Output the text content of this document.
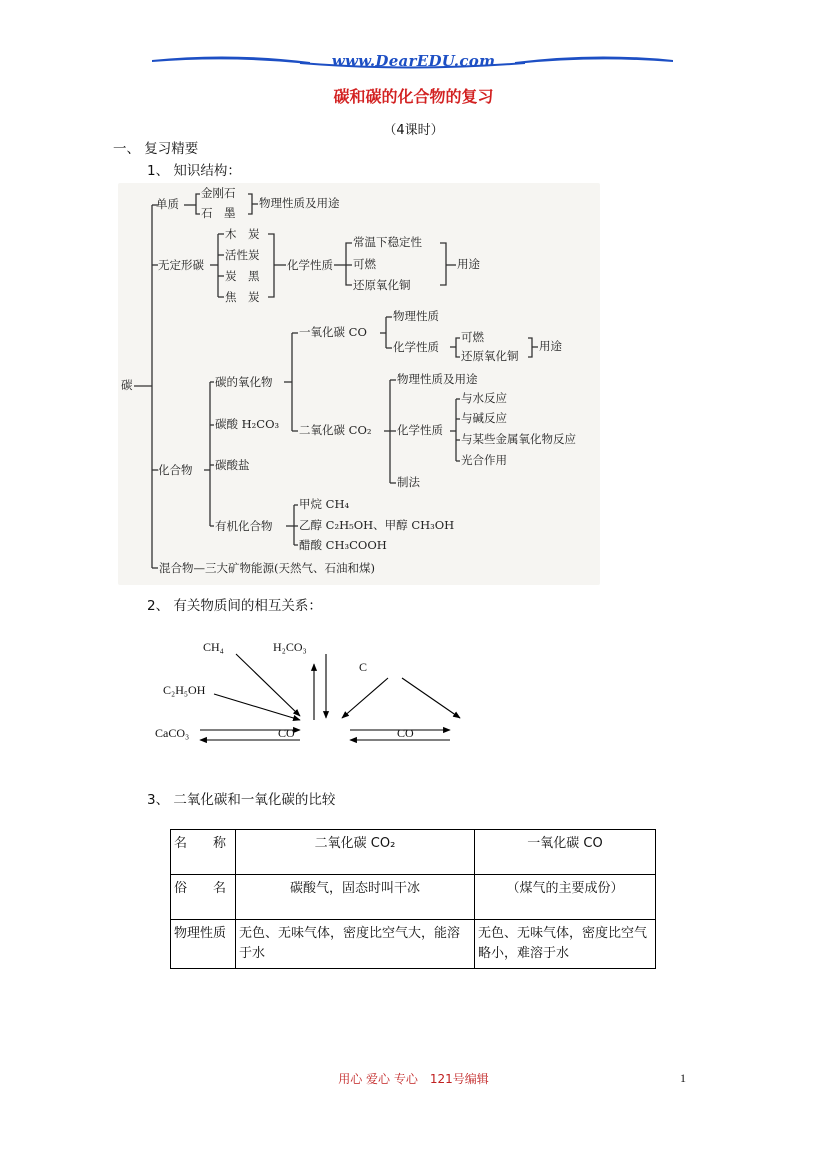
www.DearEDU.com
碳和碳的化合物的复习
（4课时）
一、 复习精要
1、 知识结构：
碳
单质
金刚石
石　墨
物理性质及用途
无定形碳
木　炭
活性炭
炭　黑
焦　炭
化学性质
常温下稳定性
可燃
还原氧化铜
用途
碳的氧化物
一氧化碳 CO
物理性质
化学性质
可燃
还原氧化铜
用途
碳酸 H₂CO₃ 二氧化碳 CO₂
物理性质及用途
化学性质
与水反应
与碱反应
与某些金属氧化物反应
光合作用
制法
化合物 碳酸盐
有机化合物
甲烷 CH₄
乙醇 C₂H₅OH、甲醇 CH₃OH
醋酸 CH₃COOH
混合物—三大矿物能源(天然气、石油和煤)
2、 有关物质间的相互关系：
CH₄	H₂CO₃
C
C₂H₅OH
CaCO₃	CO	CO
3、 二氧化碳和一氧化碳的比较
名　　称	二氧化碳 CO₂	一氧化碳 CO
俗　　名	碳酸气，固态时叫干冰	（煤气的主要成份）
物理性质	无色、无味气体，密度比空气大，能溶于水	无色、无味气体，密度比空气略小，难溶于水
用心 爱心 专心　121号编辑	1
